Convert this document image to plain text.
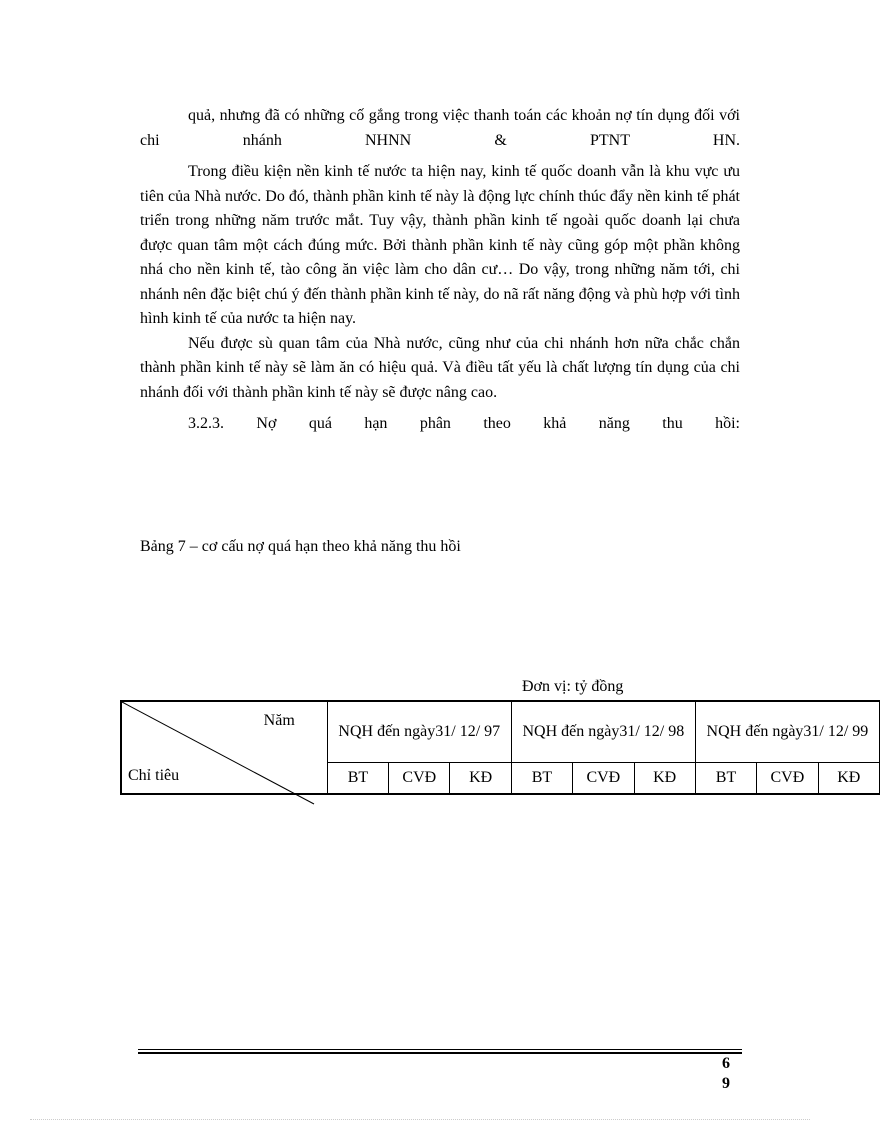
quả, nhưng đã có những cố gắng trong việc thanh toán các khoản nợ tín dụng đối với chi nhánh NHNN & PTNT HN.

Trong điều kiện nền kinh tế nước ta hiện nay, kinh tế quốc doanh vẫn là khu vực ưu tiên của Nhà nước. Do đó, thành phần kinh tế này là động lực chính thúc đẩy nền kinh tế phát triển trong những năm trước mắt. Tuy vậy, thành phần kinh tế ngoài quốc doanh lại chưa được quan tâm một cách đúng mức. Bởi thành phần kinh tế này cũng góp một phần không nhá cho nền kinh tế, tào công ăn việc làm cho dân cư… Do vậy, trong những năm tới, chi nhánh nên đặc biệt chú ý đến thành phần kinh tế này, do nã rất năng động và phù hợp với tình hình kinh tế của nước ta hiện nay.

Nếu được sù quan tâm của Nhà nước, cũng như của chi nhánh hơn nữa chắc chắn thành phần kinh tế này sẽ làm ăn có hiệu quả. Và điều tất yếu là chất lượng tín dụng của chi nhánh đối với thành phần kinh tế này sẽ được nâng cao.

3.2.3. Nợ quá hạn phân theo khả năng thu hồi:

Bảng 7 – cơ cấu nợ quá hạn theo khả năng thu hồi
Đơn vị: tỷ đồng
Năm
Chỉ tiêu	NQH đến ngày31/ 12/ 97			NQH đến ngày31/ 12/ 98			NQH đến ngày31/ 12/ 99		
	BT	CVĐ	KĐ	BT	CVĐ	KĐ	BT	CVĐ	KĐ
6
9
